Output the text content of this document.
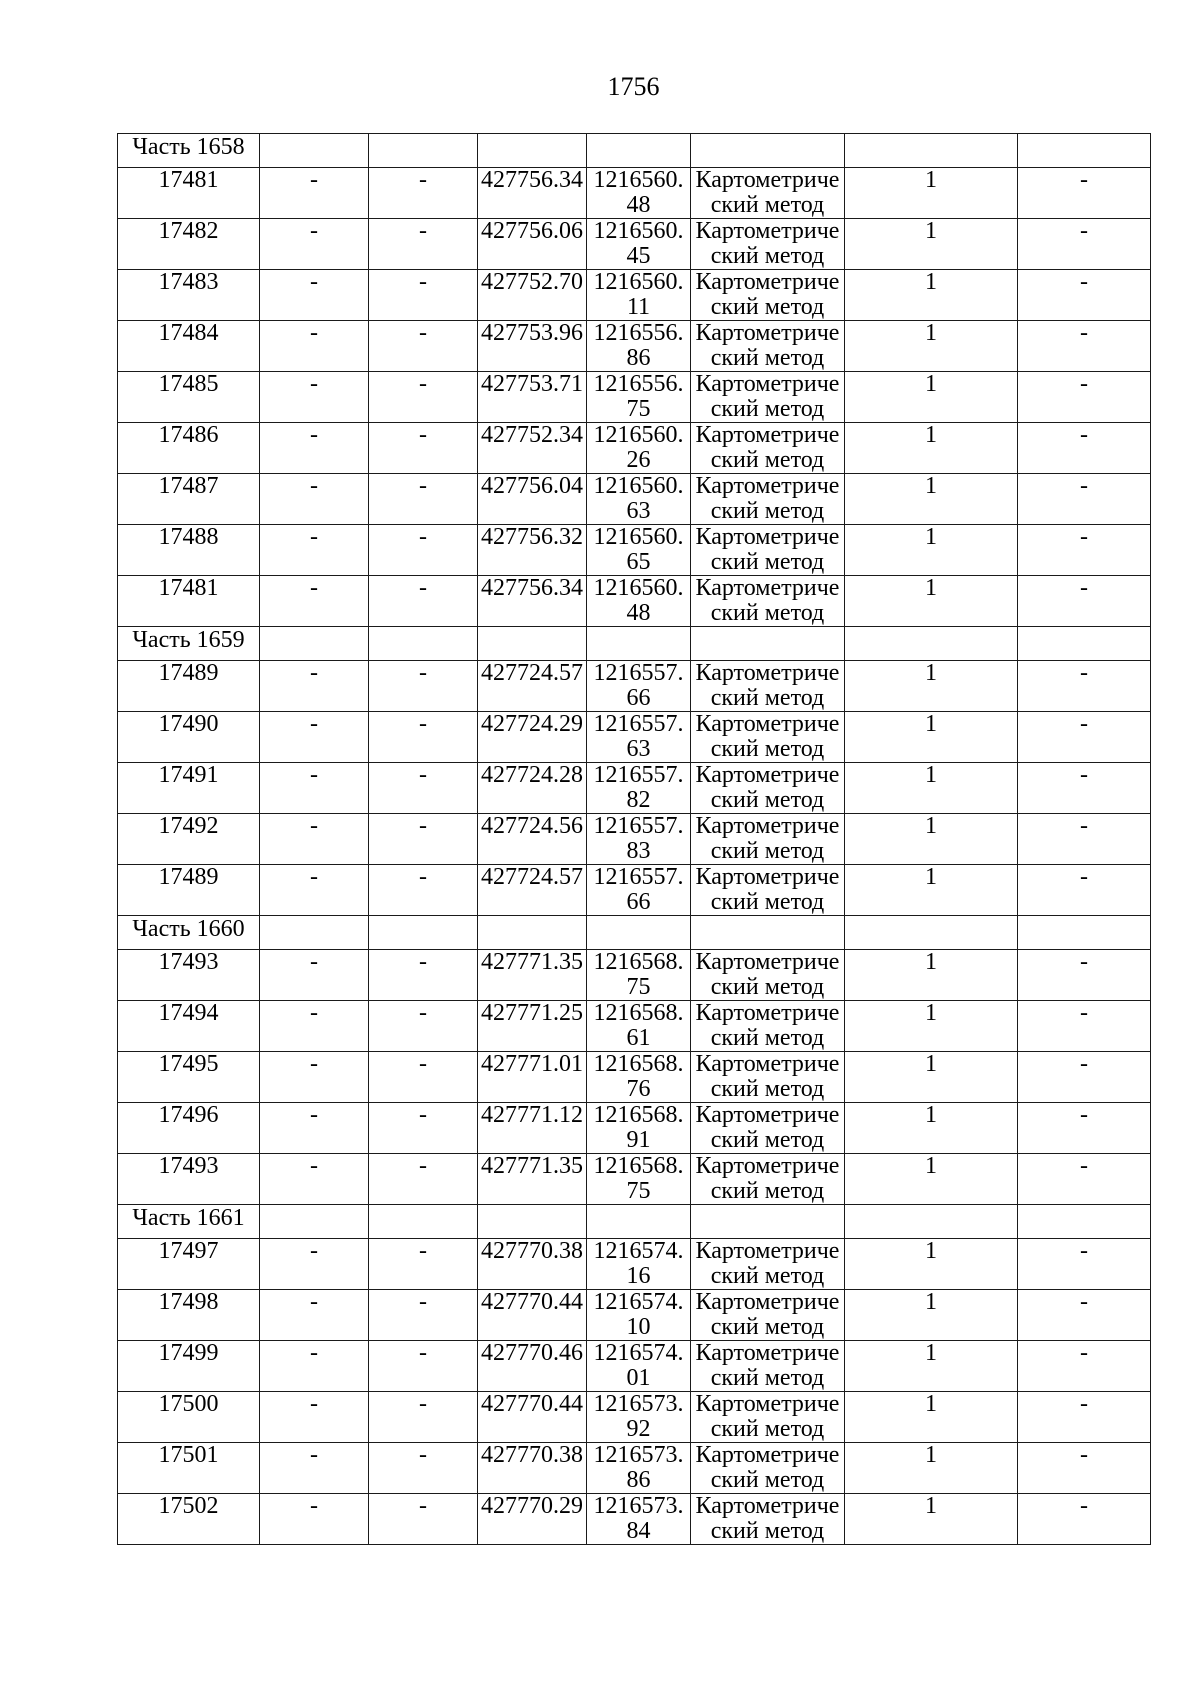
1756
Часть 1658							
17481	-	-	427756.34	1216560.48	Картометрический метод	1	-
17482	-	-	427756.06	1216560.45	Картометрический метод	1	-
17483	-	-	427752.70	1216560.11	Картометрический метод	1	-
17484	-	-	427753.96	1216556.86	Картометрический метод	1	-
17485	-	-	427753.71	1216556.75	Картометрический метод	1	-
17486	-	-	427752.34	1216560.26	Картометрический метод	1	-
17487	-	-	427756.04	1216560.63	Картометрический метод	1	-
17488	-	-	427756.32	1216560.65	Картометрический метод	1	-
17481	-	-	427756.34	1216560.48	Картометрический метод	1	-
Часть 1659							
17489	-	-	427724.57	1216557.66	Картометрический метод	1	-
17490	-	-	427724.29	1216557.63	Картометрический метод	1	-
17491	-	-	427724.28	1216557.82	Картометрический метод	1	-
17492	-	-	427724.56	1216557.83	Картометрический метод	1	-
17489	-	-	427724.57	1216557.66	Картометрический метод	1	-
Часть 1660							
17493	-	-	427771.35	1216568.75	Картометрический метод	1	-
17494	-	-	427771.25	1216568.61	Картометрический метод	1	-
17495	-	-	427771.01	1216568.76	Картометрический метод	1	-
17496	-	-	427771.12	1216568.91	Картометрический метод	1	-
17493	-	-	427771.35	1216568.75	Картометрический метод	1	-
Часть 1661							
17497	-	-	427770.38	1216574.16	Картометрический метод	1	-
17498	-	-	427770.44	1216574.10	Картометрический метод	1	-
17499	-	-	427770.46	1216574.01	Картометрический метод	1	-
17500	-	-	427770.44	1216573.92	Картометрический метод	1	-
17501	-	-	427770.38	1216573.86	Картометрический метод	1	-
17502	-	-	427770.29	1216573.84	Картометрический метод	1	-
